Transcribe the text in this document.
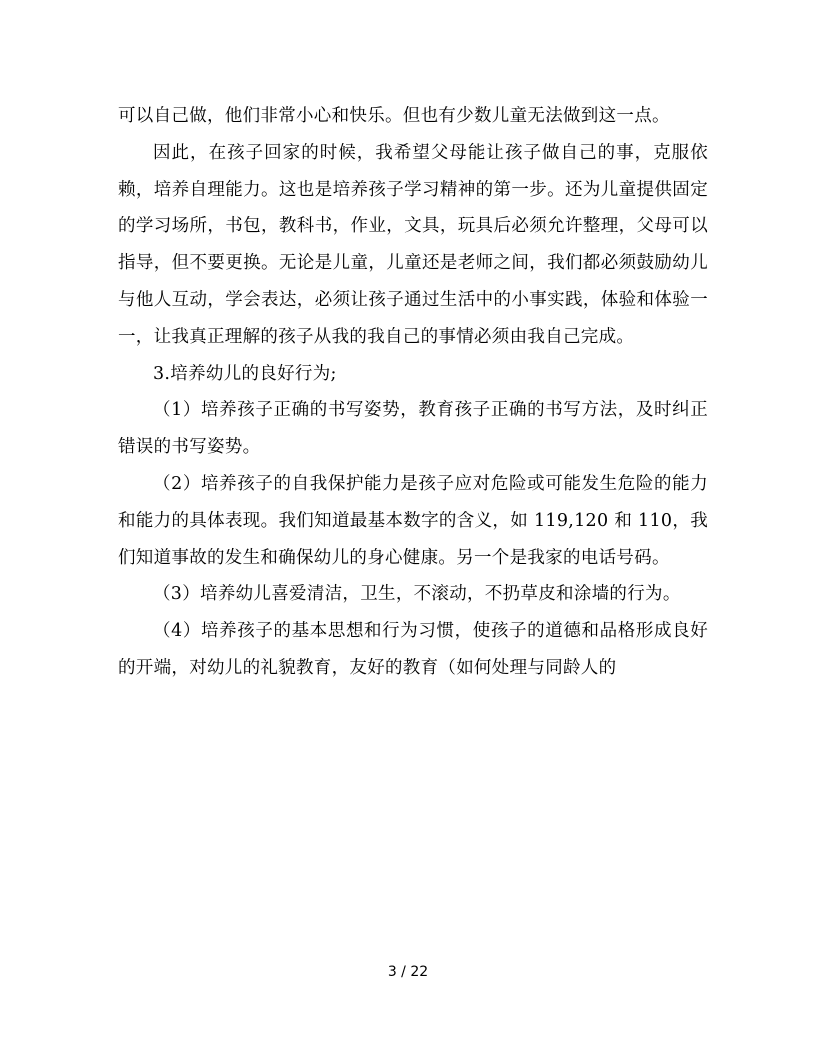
可以自己做，他们非常小心和快乐。但也有少数儿童无法做到这一点。

因此，在孩子回家的时候，我希望父母能让孩子做自己的事，克服依赖，培养自理能力。这也是培养孩子学习精神的第一步。还为儿童提供固定的学习场所，书包，教科书，作业，文具，玩具后必须允许整理，父母可以指导，但不要更换。无论是儿童，儿童还是老师之间，我们都必须鼓励幼儿与他人互动，学会表达，必须让孩子通过生活中的小事实践，体验和体验一一，让我真正理解的孩子从我的我自己的事情必须由我自己完成。

3.培养幼儿的良好行为;

（1）培养孩子正确的书写姿势，教育孩子正确的书写方法，及时纠正错误的书写姿势。

（2）培养孩子的自我保护能力是孩子应对危险或可能发生危险的能力和能力的具体表现。我们知道最基本数字的含义，如 119,120 和 110，我们知道事故的发生和确保幼儿的身心健康。另一个是我家的电话号码。

（3）培养幼儿喜爱清洁，卫生，不滚动，不扔草皮和涂墙的行为。

（4）培养孩子的基本思想和行为习惯，使孩子的道德和品格形成良好的开端，对幼儿的礼貌教育，友好的教育（如何处理与同龄人的

3 / 22
